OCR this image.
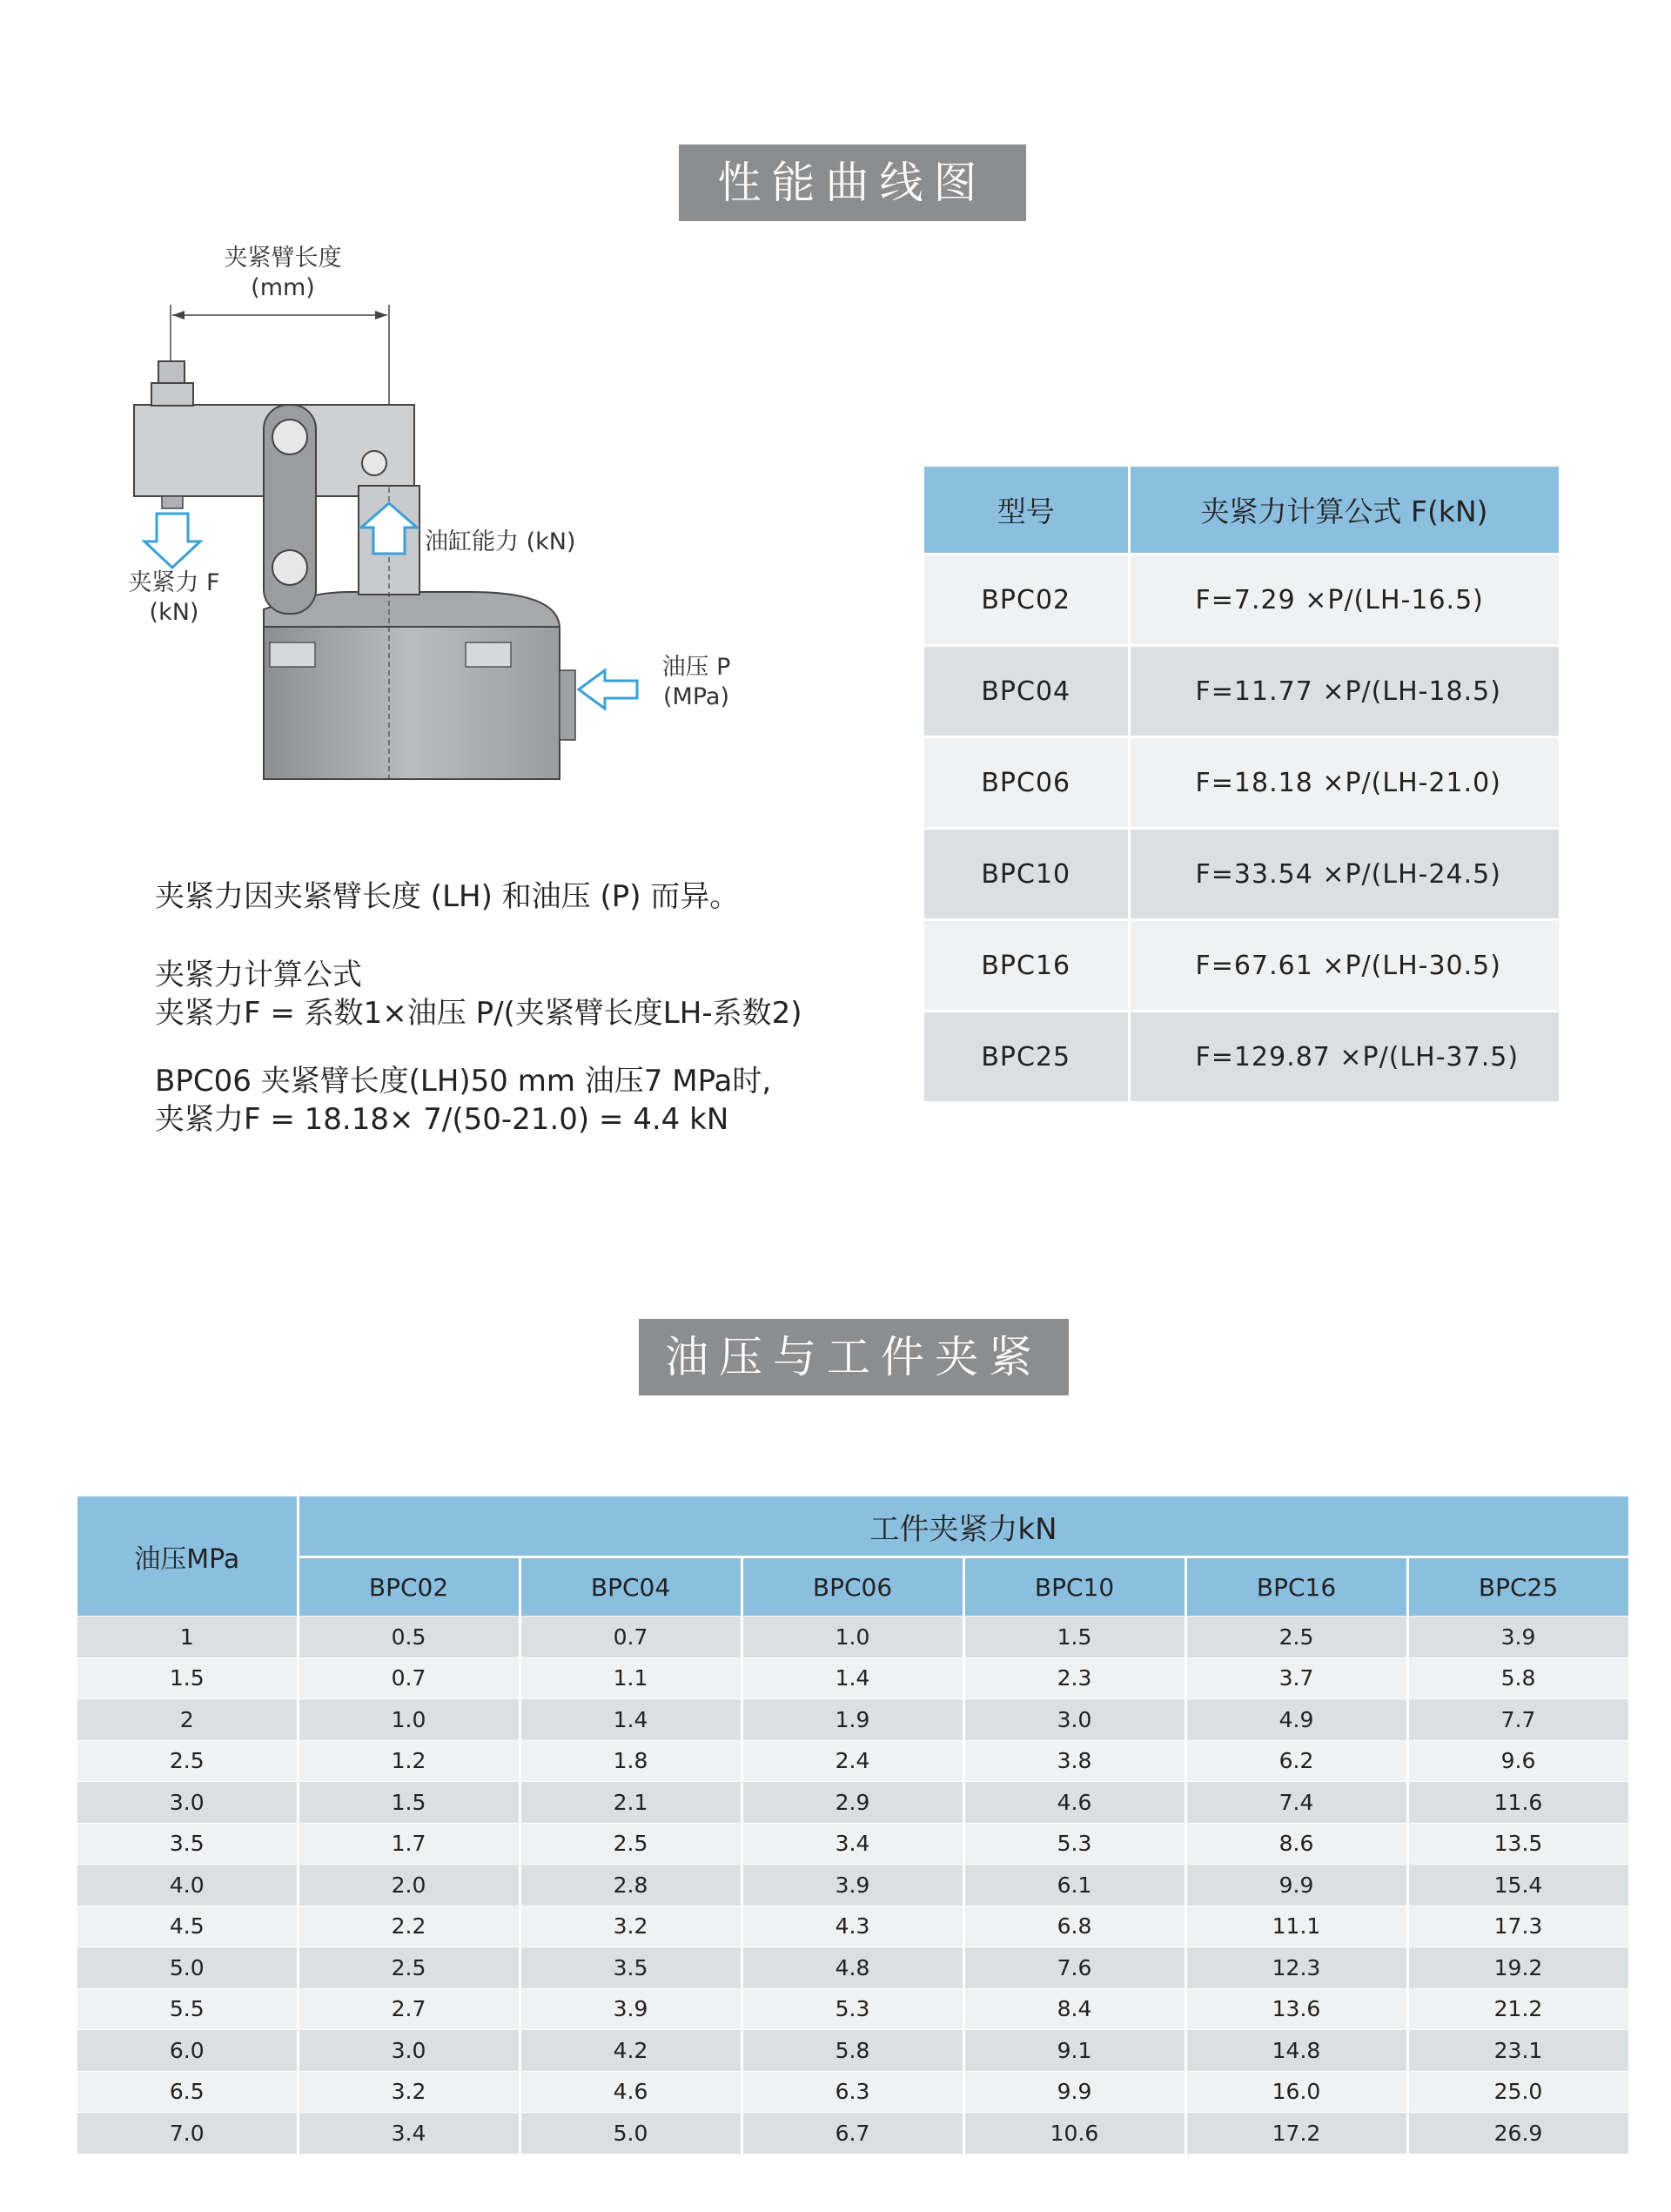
性能曲线图
夹紧臂长度
(mm)
油缸能力 (kN)
夹紧力 F
(kN)
油压 P
(MPa)
夹紧力因夹紧臂长度 (LH) 和油压 (P) 而异。
夹紧力计算公式
夹紧力F = 系数1×油压 P/(夹紧臂长度LH-系数2)
BPC06 夹紧臂长度(LH)50 mm 油压7 MPa时,
夹紧力F = 18.18× 7/(50-21.0) = 4.4 kN
型号	夹紧力计算公式 F(kN)
BPC02	F=7.29 ×P/(LH-16.5)
BPC04	F=11.77 ×P/(LH-18.5)
BPC06	F=18.18 ×P/(LH-21.0)
BPC10	F=33.54 ×P/(LH-24.5)
BPC16	F=67.61 ×P/(LH-30.5)
BPC25	F=129.87 ×P/(LH-37.5)
油压与工件夹紧力
油压MPa	工件夹紧力kN					
	BPC02	BPC04	BPC06	BPC10	BPC16	BPC25
1	0.5	0.7	1.0	1.5	2.5	3.9
1.5	0.7	1.1	1.4	2.3	3.7	5.8
2	1.0	1.4	1.9	3.0	4.9	7.7
2.5	1.2	1.8	2.4	3.8	6.2	9.6
3.0	1.5	2.1	2.9	4.6	7.4	11.6
3.5	1.7	2.5	3.4	5.3	8.6	13.5
4.0	2.0	2.8	3.9	6.1	9.9	15.4
4.5	2.2	3.2	4.3	6.8	11.1	17.3
5.0	2.5	3.5	4.8	7.6	12.3	19.2
5.5	2.7	3.9	5.3	8.4	13.6	21.2
6.0	3.0	4.2	5.8	9.1	14.8	23.1
6.5	3.2	4.6	6.3	9.9	16.0	25.0
7.0	3.4	5.0	6.7	10.6	17.2	26.9
